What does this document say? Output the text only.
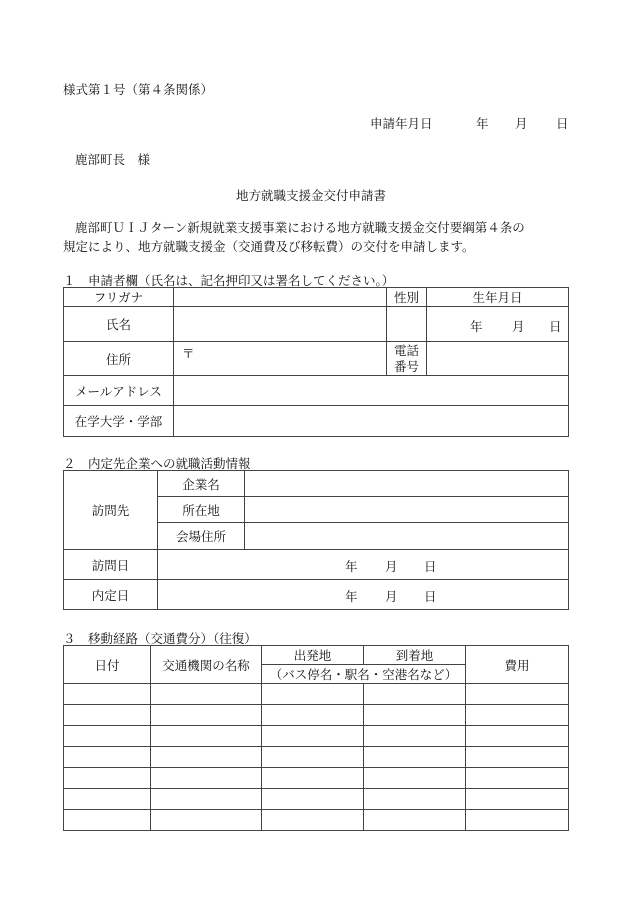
様式第１号（第４条関係）
申請年月日	年 月 日
鹿部町長　様
地方就職支援金交付申請書
鹿部町ＵＩＪターン新規就業支援事業における地方就職支援金交付要綱第４条の
規定により、地方就職支援金（交通費及び移転費）の交付を申請します。
１　申請者欄（氏名は、記名押印又は署名してください。）
フリガナ		性別	生年月日
氏名			年 月 日

住所	〒	電話
番号	
メールアドレス			
在学大学・学部			
２　内定先企業への就職活動情報
訪問先	企業名	
	所在地	
	会場住所	
訪問日	年 月 日	

内定日	年 月 日	
３　移動経路（交通費分）（往復）
日付	交通機関の名称	出発地	到着地	費用
		（バス停名・駅名・空港名など）		
